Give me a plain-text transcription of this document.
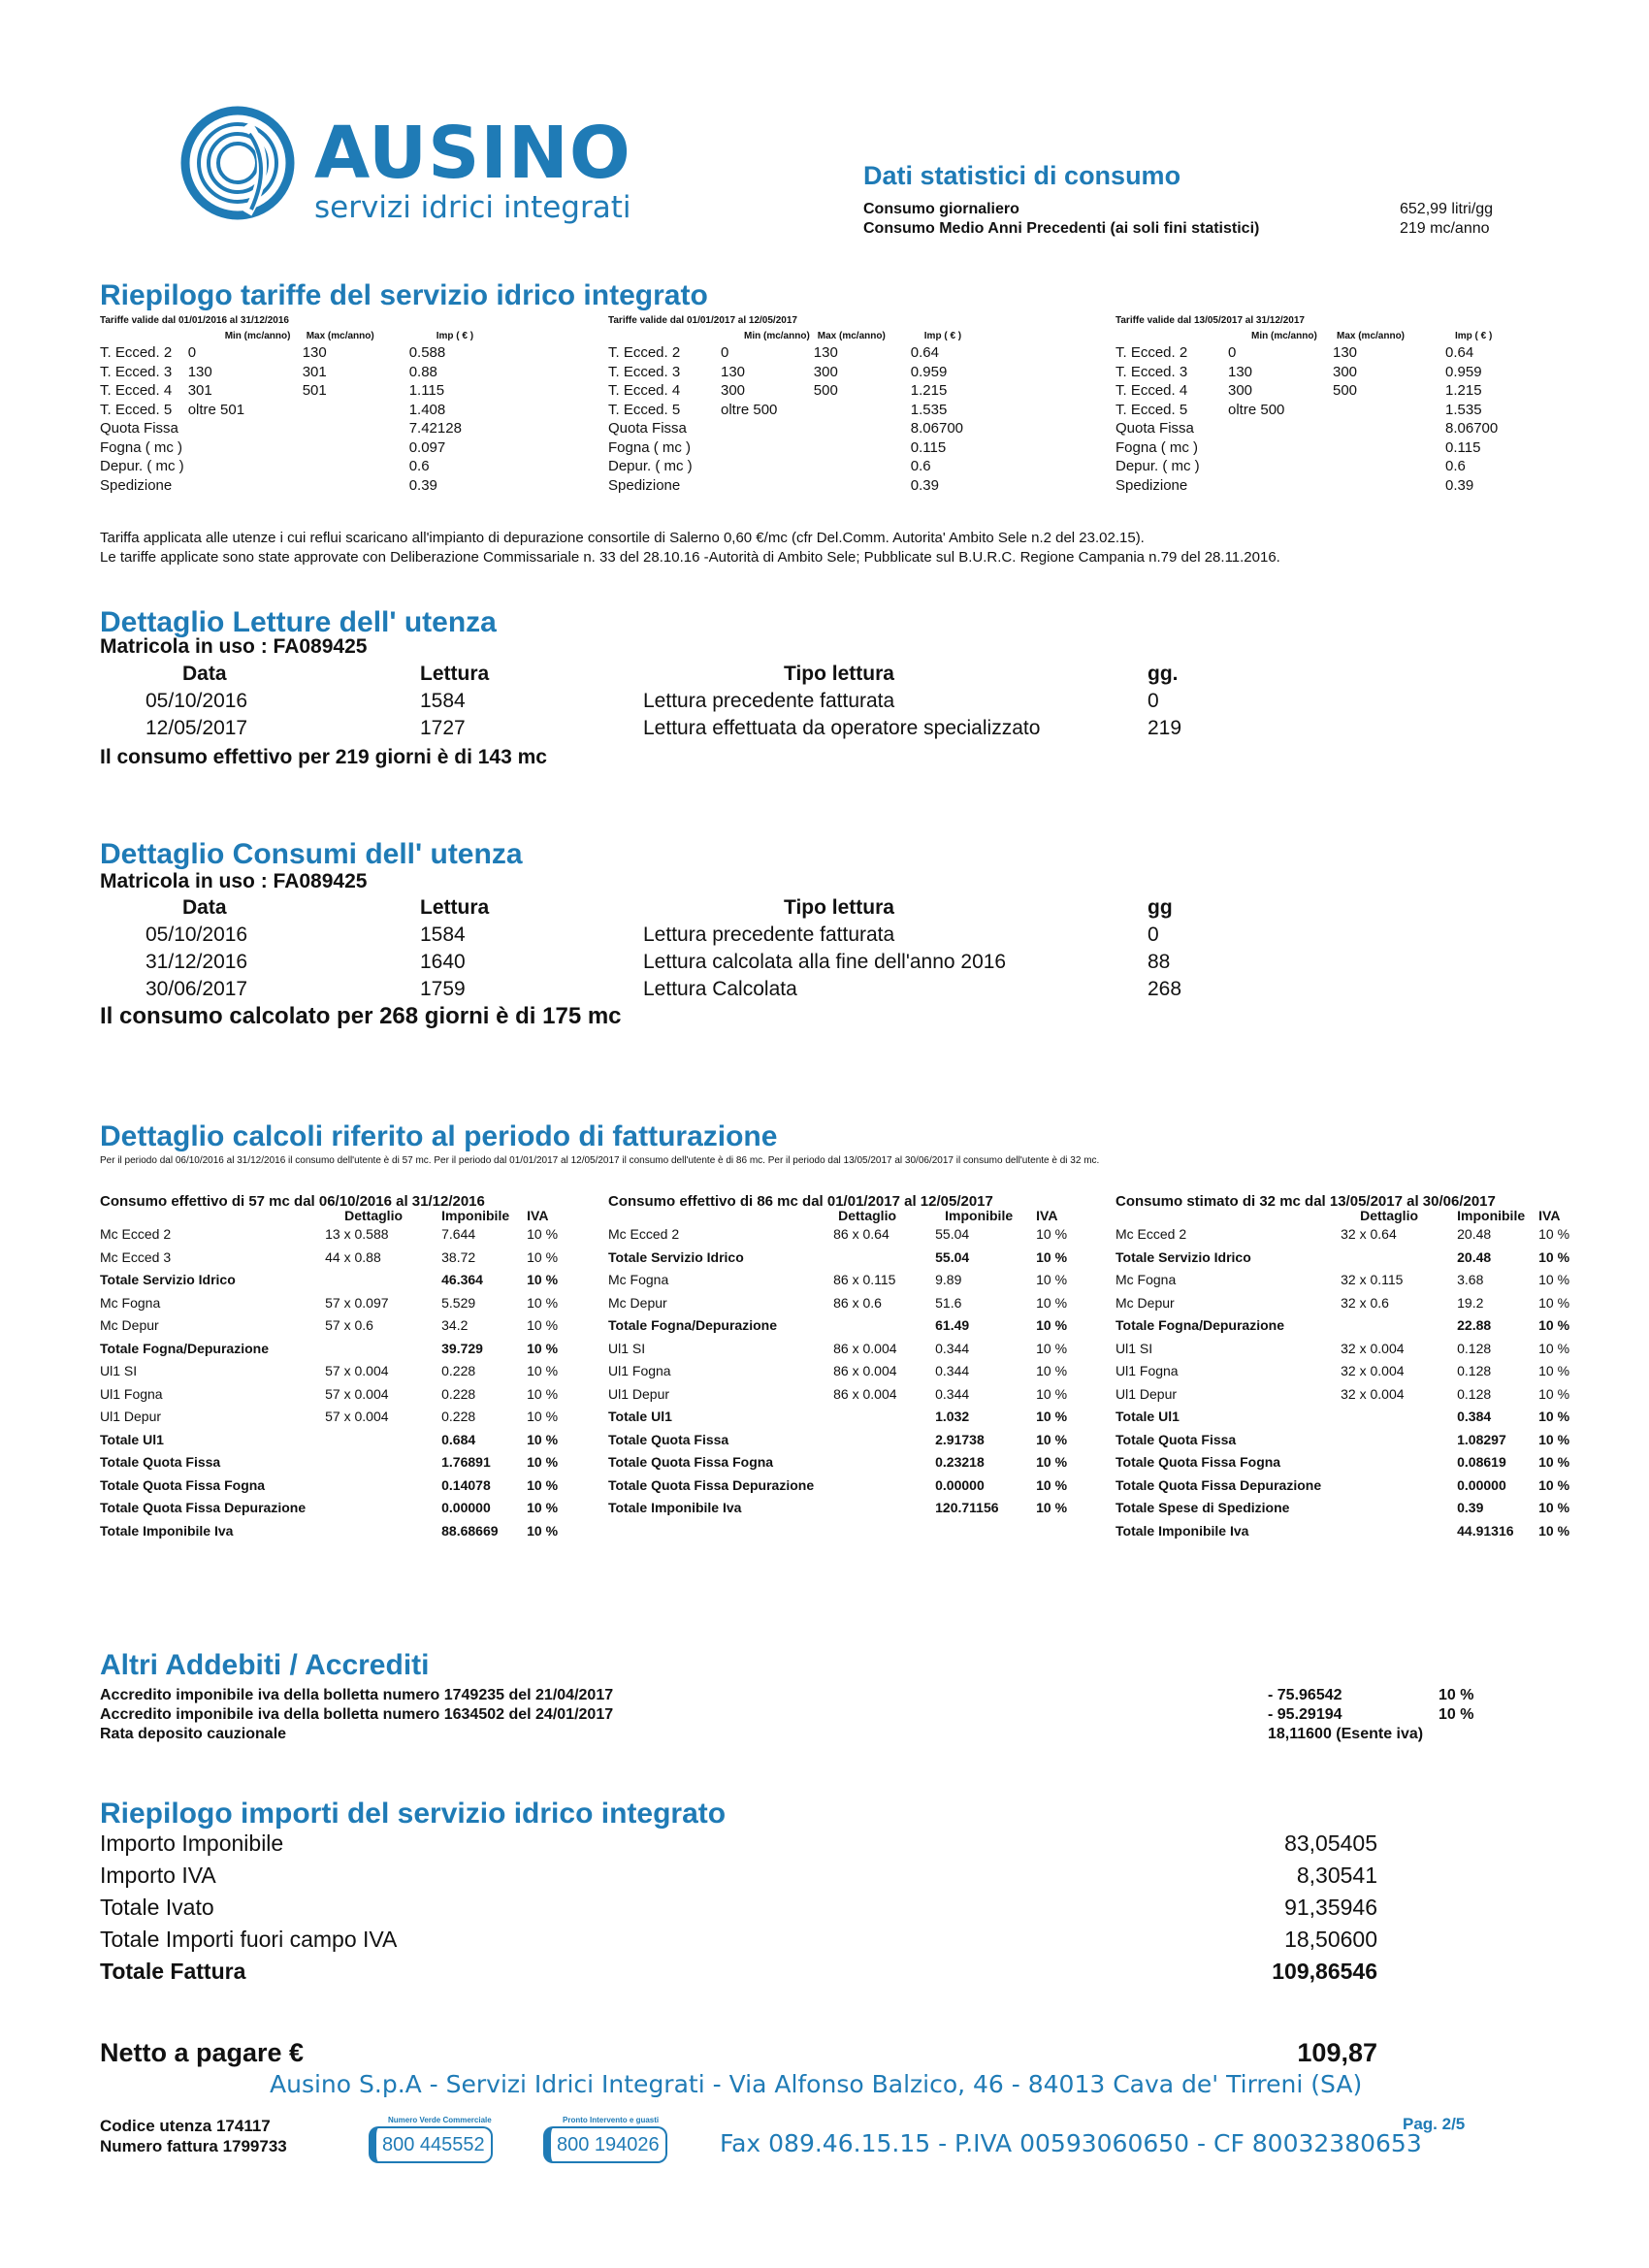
AUSINO
servizi idrici integrati
Dati statistici di consumo
Consumo giornaliero	652,99 litri/gg
Consumo Medio Anni Precedenti (ai soli fini statistici)	219 mc/anno
Riepilogo tariffe del servizio idrico integrato
Tariffe valide dal 01/01/2016 al 31/12/2016	Tariffe valide dal 01/01/2017 al 12/05/2017	Tariffe valide dal 13/05/2017 al 31/12/2017
	Min (mc/anno)	Max (mc/anno)	Imp ( € )
T. Ecced. 2	0	130	0.588
T. Ecced. 3	130	301	0.88
T. Ecced. 4	301	501	1.115
T. Ecced. 5	oltre 501		1.408
Quota Fissa			7.42128
Fogna ( mc )			0.097
Depur. ( mc )			0.6
Spedizione			0.39
	Min (mc/anno)	Max (mc/anno)	Imp ( € )
T. Ecced. 2	0	130	0.64
T. Ecced. 3	130	300	0.959
T. Ecced. 4	300	500	1.215
T. Ecced. 5	oltre 500		1.535
Quota Fissa			8.06700
Fogna ( mc )			0.115
Depur. ( mc )			0.6
Spedizione			0.39
	Min (mc/anno)	Max (mc/anno)	Imp ( € )
T. Ecced. 2	0	130	0.64
T. Ecced. 3	130	300	0.959
T. Ecced. 4	300	500	1.215
T. Ecced. 5	oltre 500		1.535
Quota Fissa			8.06700
Fogna ( mc )			0.115
Depur. ( mc )			0.6
Spedizione			0.39
Tariffa applicata alle utenze i cui reflui scaricano all'impianto di depurazione consortile di Salerno 0,60 €/mc (cfr Del.Comm. Autorita' Ambito Sele n.2 del 23.02.15).
Le tariffe applicate sono state approvate con Deliberazione Commissariale n. 33 del 28.10.16 -Autorità di Ambito Sele; Pubblicate sul B.U.R.C. Regione Campania n.79 del 28.11.2016.
Dettaglio Letture dell' utenza
Matricola in uso : FA089425
Data	Lettura	Tipo lettura	gg.
05/10/2016	1584	Lettura precedente fatturata	0
12/05/2017	1727	Lettura effettuata da operatore specializzato	219
Il consumo effettivo per 219 giorni è di 143 mc
Dettaglio Consumi dell' utenza
Matricola in uso : FA089425
Data	Lettura	Tipo lettura	gg
05/10/2016	1584	Lettura precedente fatturata	0
31/12/2016	1640	Lettura calcolata alla fine dell'anno 2016	88
30/06/2017	1759	Lettura Calcolata	268
Il consumo calcolato per 268 giorni è di 175 mc
Dettaglio calcoli riferito al periodo di fatturazione
Per il periodo dal 06/10/2016 al 31/12/2016 il consumo dell'utente è di 57 mc. Per il periodo dal 01/01/2017 al 12/05/2017 il consumo dell'utente è di 86 mc. Per il periodo dal 13/05/2017 al 30/06/2017 il consumo dell'utente è di 32 mc.
Consumo effettivo di 57 mc dal 06/10/2016 al 31/12/2016	Consumo effettivo di 86 mc dal 01/01/2017 al 12/05/2017	Consumo stimato di 32 mc dal 13/05/2017 al 30/06/2017
	Dettaglio	Imponibile	IVA
Mc Ecced 2	13 x 0.588	7.644	10 %
Mc Ecced 3	44 x 0.88	38.72	10 %
Totale Servizio Idrico		46.364	10 %
Mc Fogna	57 x 0.097	5.529	10 %
Mc Depur	57 x 0.6	34.2	10 %
Totale Fogna/Depurazione		39.729	10 %
Ul1 SI	57 x 0.004	0.228	10 %
Ul1 Fogna	57 x 0.004	0.228	10 %
Ul1 Depur	57 x 0.004	0.228	10 %
Totale Ul1		0.684	10 %
Totale Quota Fissa		1.76891	10 %
Totale Quota Fissa Fogna		0.14078	10 %
Totale Quota Fissa Depurazione		0.00000	10 %
Totale Imponibile Iva		88.68669	10 %
	Dettaglio	Imponibile	IVA
Mc Ecced 2	86 x 0.64	55.04	10 %
Totale Servizio Idrico		55.04	10 %
Mc Fogna	86 x 0.115	9.89	10 %
Mc Depur	86 x 0.6	51.6	10 %
Totale Fogna/Depurazione		61.49	10 %
Ul1 SI	86 x 0.004	0.344	10 %
Ul1 Fogna	86 x 0.004	0.344	10 %
Ul1 Depur	86 x 0.004	0.344	10 %
Totale Ul1		1.032	10 %
Totale Quota Fissa		2.91738	10 %
Totale Quota Fissa Fogna		0.23218	10 %
Totale Quota Fissa Depurazione		0.00000	10 %
Totale Imponibile Iva		120.71156	10 %
	Dettaglio	Imponibile	IVA
Mc Ecced 2	32 x 0.64	20.48	10 %
Totale Servizio Idrico		20.48	10 %
Mc Fogna	32 x 0.115	3.68	10 %
Mc Depur	32 x 0.6	19.2	10 %
Totale Fogna/Depurazione		22.88	10 %
Ul1 SI	32 x 0.004	0.128	10 %
Ul1 Fogna	32 x 0.004	0.128	10 %
Ul1 Depur	32 x 0.004	0.128	10 %
Totale Ul1		0.384	10 %
Totale Quota Fissa		1.08297	10 %
Totale Quota Fissa Fogna		0.08619	10 %
Totale Quota Fissa Depurazione		0.00000	10 %
Totale Spese di Spedizione		0.39	10 %
Totale Imponibile Iva		44.91316	10 %
Altri Addebiti / Accrediti
Accredito imponibile iva della bolletta numero 1749235 del 21/04/2017	- 75.96542	10 %
Accredito imponibile iva della bolletta numero 1634502 del 24/01/2017	- 95.29194	10 %
Rata deposito cauzionale	18,11600 (Esente iva)
Riepilogo importi del servizio idrico integrato
Importo Imponibile	83,05405
Importo IVA	8,30541
Totale Ivato	91,35946
Totale Importi fuori campo IVA	18,50600
Totale Fattura	109,86546
Netto a pagare €	109,87
Ausino S.p.A - Servizi Idrici Integrati - Via Alfonso Balzico, 46 - 84013 Cava de' Tirreni (SA)
Codice utenza 174117
Numero fattura 1799733
Numero Verde Commerciale
800 445552
Pronto Intervento e guasti
800 194026	Fax 089.46.15.15 - P.IVA 00593060650 - CF 80032380653
Pag. 2/5
